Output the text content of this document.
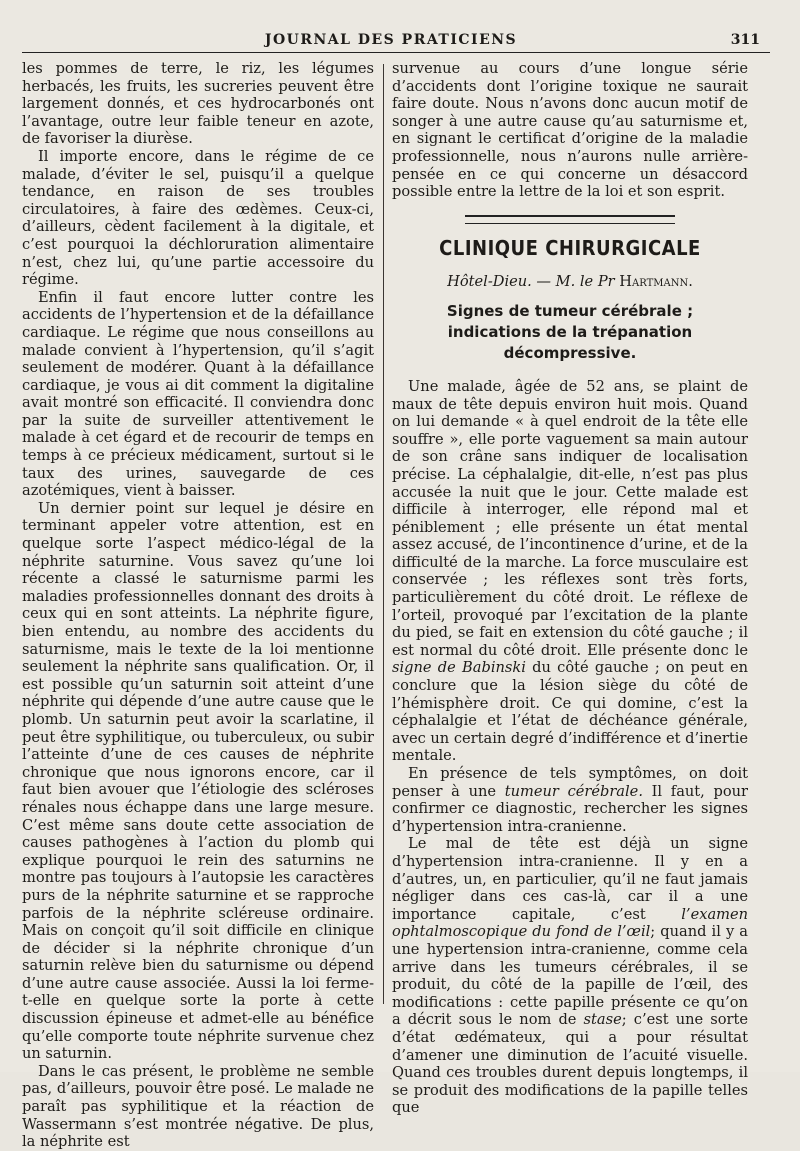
JOURNAL DES PRATICIENS	311

les pommes de terre, le riz, les légumes herbacés, les fruits, les sucreries peuvent être largement donnés, et ces hydrocarbonés ont l’avantage, outre leur faible teneur en azote, de favoriser la diurèse.

Il importe encore, dans le régime de ce malade, d’éviter le sel, puisqu’il a quelque tendance, en raison de ses troubles circulatoires, à faire des œdèmes. Ceux-ci, d’ailleurs, cèdent facilement à la digitale, et c’est pourquoi la déchloruration alimentaire n’est, chez lui, qu’une partie accessoire du régime.

Enfin il faut encore lutter contre les accidents de l’hypertension et de la défaillance cardiaque. Le régime que nous conseillons au malade convient à l’hypertension, qu’il s’agit seulement de modérer. Quant à la défaillance cardiaque, je vous ai dit comment la digitaline avait montré son efficacité. Il conviendra donc par la suite de surveiller attentivement le malade à cet égard et de recourir de temps en temps à ce précieux médicament, surtout si le taux des urines, sauvegarde de ces azotémiques, vient à baisser.

Un dernier point sur lequel je désire en terminant appeler votre attention, est en quelque sorte l’aspect médico-légal de la néphrite saturnine. Vous savez qu’une loi récente a classé le saturnisme parmi les maladies professionnelles donnant des droits à ceux qui en sont atteints. La néphrite figure, bien entendu, au nombre des accidents du saturnisme, mais le texte de la loi mentionne seulement la néphrite sans qualification. Or, il est possible qu’un saturnin soit atteint d’une néphrite qui dépende d’une autre cause que le plomb. Un saturnin peut avoir la scarlatine, il peut être syphilitique, ou tuberculeux, ou subir l’atteinte d’une de ces causes de néphrite chronique que nous ignorons encore, car il faut bien avouer que l’étiologie des scléroses rénales nous échappe dans une large mesure. C’est même sans doute cette association de causes pathogènes à l’action du plomb qui explique pourquoi le rein des saturnins ne montre pas toujours à l’autopsie les caractères purs de la néphrite saturnine et se rapproche parfois de la néphrite scléreuse ordinaire. Mais on conçoit qu’il soit difficile en clinique de décider si la néphrite chronique d’un saturnin relève bien du saturnisme ou dépend d’une autre cause associée. Aussi la loi ferme-t-elle en quelque sorte la porte à cette discussion épineuse et admet-elle au bénéfice qu’elle comporte toute néphrite survenue chez un saturnin.

Dans le cas présent, le problème ne semble pas, d’ailleurs, pouvoir être posé. Le malade ne paraît pas syphilitique et la réaction de Wassermann s’est montrée négative. De plus, la néphrite est

survenue au cours d’une longue série d’accidents dont l’origine toxique ne saurait faire doute. Nous n’avons donc aucun motif de songer à une autre cause qu’au saturnisme et, en signant le certificat d’origine de la maladie professionnelle, nous n’aurons nulle arrière-pensée en ce qui concerne un désaccord possible entre la lettre de la loi et son esprit.

CLINIQUE CHIRURGICALE
Hôtel-Dieu. — M. le Pr Hartmann.
Signes de tumeur cérébrale ;
indications de la trépanation décompressive.

Une malade, âgée de 52 ans, se plaint de maux de tête depuis environ huit mois. Quand on lui demande « à quel endroit de la tête elle souffre », elle porte vaguement sa main autour de son crâne sans indiquer de localisation précise. La céphalalgie, dit-elle, n’est pas plus accusée la nuit que le jour. Cette malade est difficile à interroger, elle répond mal et péniblement ; elle présente un état mental assez accusé, de l’incontinence d’urine, et de la difficulté de la marche. La force musculaire est conservée ; les réflexes sont très forts, particulièrement du côté droit. Le réflexe de l’orteil, provoqué par l’excitation de la plante du pied, se fait en extension du côté gauche ; il est normal du côté droit. Elle présente donc le signe de Babinski du côté gauche ; on peut en conclure que la lésion siège du côté de l’hémisphère droit. Ce qui domine, c’est la céphalalgie et l’état de déchéance générale, avec un certain degré d’indifférence et d’inertie mentale.

En présence de tels symptômes, on doit penser à une tumeur cérébrale. Il faut, pour confirmer ce diagnostic, rechercher les signes d’hypertension intra-cranienne.

Le mal de tête est déjà un signe d’hypertension intra-cranienne. Il y en a d’autres, un, en particulier, qu’il ne faut jamais négliger dans ces cas-là, car il a une importance capitale, c’est l’examen ophtalmoscopique du fond de l’œil; quand il y a une hypertension intra-cranienne, comme cela arrive dans les tumeurs cérébrales, il se produit, du côté de la papille de l’œil, des modifications : cette papille présente ce qu’on a décrit sous le nom de stase; c’est une sorte d’état œdémateux, qui a pour résultat d’amener une diminution de l’acuité visuelle. Quand ces troubles durent depuis longtemps, il se produit des modifications de la papille telles que
